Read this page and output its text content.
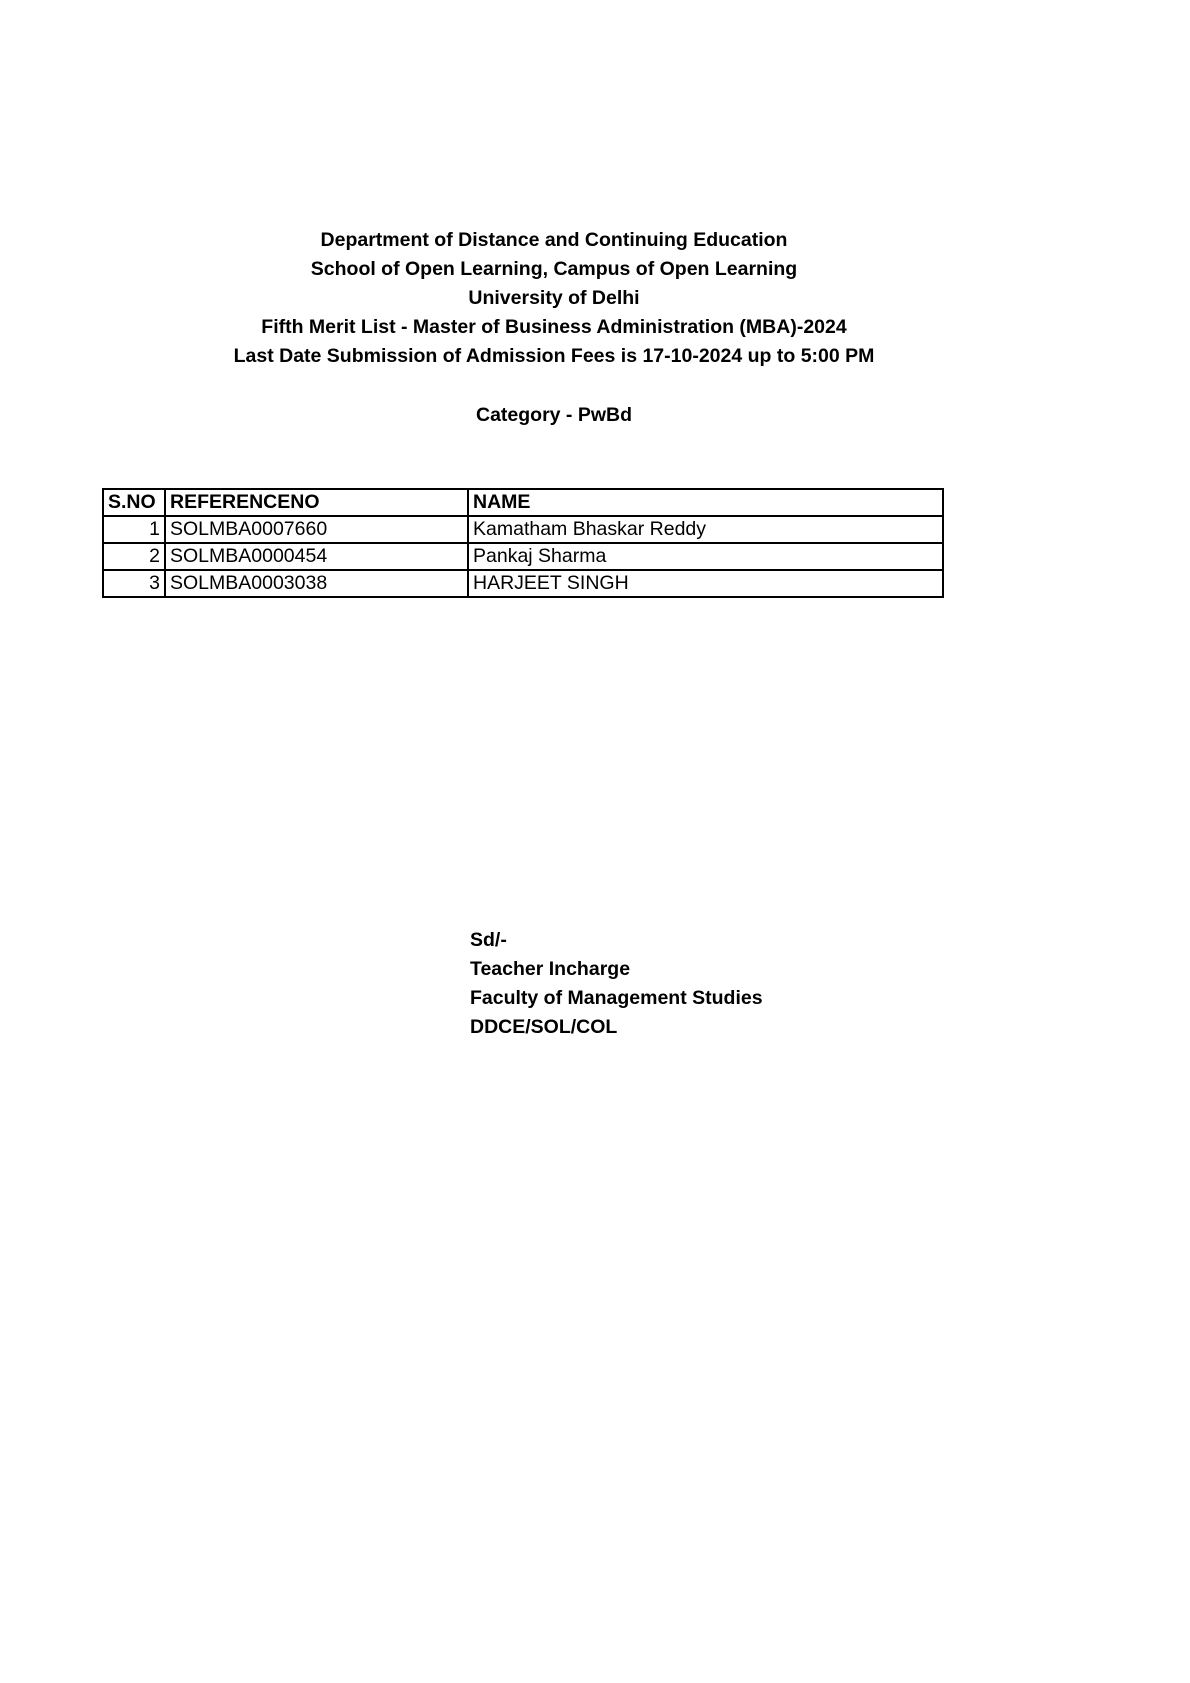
Department of Distance and Continuing Education
School of Open Learning, Campus of Open Learning
University of Delhi
Fifth Merit List - Master of Business Administration (MBA)-2024
Last Date Submission of Admission Fees is 17-10-2024 up to 5:00 PM
Category - PwBd
S.NO	REFERENCENO	NAME
1	SOLMBA0007660	Kamatham Bhaskar Reddy
2	SOLMBA0000454	Pankaj Sharma
3	SOLMBA0003038	HARJEET SINGH
Sd/-
Teacher Incharge
Faculty of Management Studies
DDCE/SOL/COL
